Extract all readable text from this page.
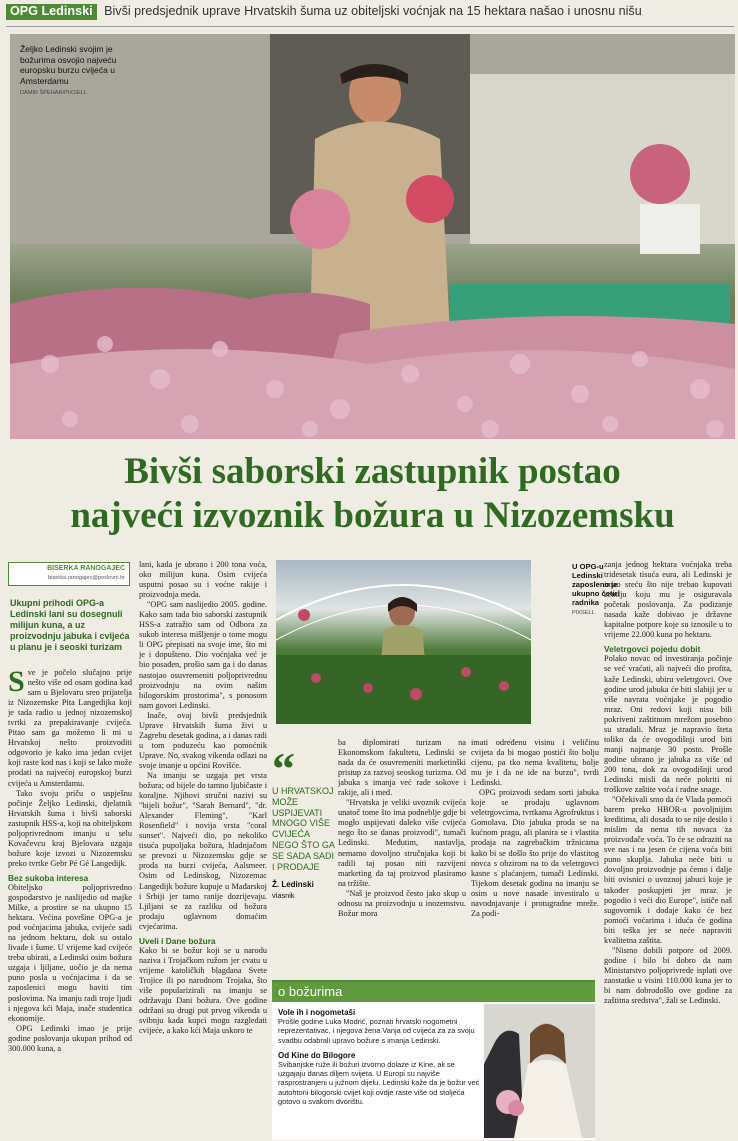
OPG Ledinski Bivši predsjednik uprave Hrvatskih šuma uz obiteljski voćnjak na 15 hektara našao i unosnu nišu
Željko Ledinski svojim je božurima osvojio najveću europsku burzu cvijeća u Amsterdamu
DAMIR ŠPEHAR/PIXSELL
Bivši saborski zastupnik postao
najveći izvoznik božura u Nizozemsku
BISERKA RANOGAJEC
biserka.ranogajec@poslovni.hr
Ukupni prihodi OPG-a Ledinski lani su dosegnuli milijun kuna, a uz proizvodnju jabuka i cvijeća u planu je i seoski turizam

Sve je počelo slučajno prije nešto više od osam godina kad sam u Bjelovaru sreo prijatelja iz Nizozemske Pita Langedijka koji je tada radio u jednoj nizozemskoj tvrtki za prepakiravanje cvijeća. Pitao sam ga možemo li mi u Hrvatskoj nešto proizvoditi odgovorio je kako ima jedan cvijet koji raste kod nas i koji se lako može prodati na najvećoj europskoj burzi cvijeća u Amsterdamu.

Tako svoju priču o uspješnu počinje Željko Ledinski, djelatnik Hrvatskih šuma i bivši saborski zastupnik HSS-a, koji na obiteljskom poljoprivrednom imanju u selu Kovačevcu kraj Bjelovara uzgaja božure koje izvozi u Nizozemsku preko tvrtke Gebr Pé Gé Langedijk.

Bez sukoba interesa

Obiteljsko poljoprivredno gospodarstvo je naslijedio od majke Milke, a prostire se na ukupno 15 hektara. Većina površine OPG-a je pod voćnjacima jabuka, cvijeće sadi na jednom hektaru, dok su ostalo livade i šume. U vrijeme kad cvijeće treba ubirati, a Ledinski osim božura uzgaja i ljiljane, uočio je da nema puno posla u voćnjacima i da se zaposlenici mogu baviti tim poslovima. Na imanju radi troje ljudi i njegova kći Maja, inače studentica ekonomije.

OPG Ledinski imao je prije godine poslovanja ukupan prihod od 300.000 kuna, a

lani, kada je ubrano i 200 tona voća, oko milijun kuna. Osim cvijeća usputni posao su i voćne rakije i proizvodnja meda.

"OPG sam naslijedio 2005. godine. Kako sam tada bio saborski zastupnik HSS-a zatražio sam od Odbora za sukob interesa mišljenje o tome mogu li OPG prepisati na svoje ime, što mi je i dopušteno. Dio voćnjaka već je bio posađen, prošio sam ga i do danas nastojao osuvremeniti poljoprivrednu proizvodnju na ovim našim bilogorskim prostorima", s ponosom nam govori Ledinski.

Inače, ovaj bivši predsjednik Uprave Hrvatskih šuma živi u Zagrebu desetak godina, a i danas radi u tom poduzeću kao pomoćnik Uprave. No, svakog vikenda odlazi na svoje imanje u općini Rovišće.

Na imanju se uzgaja pet vrsta božura; od bijele do tamno ljubičaste i koraljne. Njihovi stručni nazivi su "bijeli božur", "Sarah Bernard", "dr. Alexander Fleming", "Karl Rosenfield" i novija vrsta "coral sunset". Najveći dio, po nekoliko tisuća pupoljaka božura, hladnjačom se prevozi u Nizozemsku gdje se proda na burzi cvijeća, Aalsmeer. Osim od Ledinskog, Nizozemac Langedijk božure kupuje u Mađarskoj i Srbiji jer tamo ranije dozrijevaju. Ljiljani se za razliku od božura prodaju uglavnom domaćim cvjećarima.

Uveli i Dane božura

Kako bi se božur koji se u narodu naziva i Trojačkom ružom jer cvatu u vrijeme katoličkih blagdana Svete Trojice ili po narodnom Trojaka, što više popularizirali na imanju se održavaju Dani božura. Ove godine održani su drugi put prvog vikenda u svibnju kada kupci mogu razgledati cvijeće, a kako kći Maja uskoro te

U OPG-u Ledinski zaposleno je ukupno četiri radnika
PIXSELL
“
U HRVATSKOJ MOŽE USPIJEVATI MNOGO VIŠE CVIJEĆA NEGO ŠTO GA SE SADA SADI I PRODAJE
Ž. Ledinski
vlasnik

ba diplomirati turizam na Ekonomskom fakultetu, Ledinski se nada da će osuvremeniti marketinški pristup za razvoj seoskog turizma. Od jabuka s imanja već rade sokove i rakije, ali i med.

"Hrvatska je veliki uvoznik cvijeća unatoč tome što ima podneblje gdje bi mogło uspijevati daleko više cvijeća nego što se danas proizvodi", tumači Ledinski. Međutim, nastavlja, nemamo dovoljno stručnjaka koji bi radili taj posao niti razvijeni marketing da taj proizvod plasiramo na tržište.

"Naš je proizvod često jako skup u odnosu na proizvodnju u inozemstvu. Božur mora

imati određenu visinu i veličinu cvijeta da bi mogao postići što bolju cijenu, pa tko nema kvalitetu, bolje mu je i da ne ide na burzu", tvrdi Ledinski.

OPG proizvodi sedam sorti jabuka koje se prodaju uglavnom veletrgovcima, tvrtkama Agrofruktus i Gomolava. Dio jabuka proda se na kućnom pragu, ali planira se i vlastita prodaja na zagrebačkim tržnicama kako bi se došlo što prije do vlastitog novca s obzirom na to da veletrgovci kasne s plaćanjem, tumači Ledinski. Tijekom desetak godina na imanju se osim u nove nasade investiralo u navodnjavanje i protugradne mreže. Za podi-

zanja jednog hektara voćnjaka treba tridesetak tisuća eura, ali Ledinski je imao sreću što nije trebao kupovati zemlju koju mu je osiguravala početak poslovanja. Za podizanje nasada kaže dobivao je državne kapitalne potpore koje su iznosile u to vrijeme 22.000 kuna po hektaru.

Veletrgovci pojedu dobit

Polako novac od investiranja počinje se već vraćati, ali najveći dio profita, kaže Ledinski, ubiru veletrgovci. Ove godine urod jabuka će biti slabiji jer u više navrata voćnjake je pogodio mraz. Oni redovi koji nisu bili pokriveni zaštitnom mrežom posebno su stradali. Mraz je napravio šteta toliko da će ovogodišnji urod biti manji najmanje 30 posto. Prošle godine ubrano je jabuka za više od 200 tona, dok za ovogodišnji urod Ledinski misli da neće pokriti ni troškove zaštite voća i radne snage.

"Očekivali smo da će Vlada pomoći barem preko HBOR-a povoljnijim kreditima, ali dosada to se nije desilo i mislim da nema tih novaca za proizvođače voća. To će se odraziti na sve nas i na jesen će cijena voća biti puno skuplja. Jabuka neće biti u dovoljno proizvodnje pa ćemo i dalje biti ovisnici o uvoznoj jabuci koje je također poskupjeti jer mraz je pogodio i veći dio Europe", ističe naš sugovornik i dodaje kako će bez pomoći voćarima i iduća će godina biti teška jer se neće napraviti kvalitetna zaštita.

"Nismo dobili potpore od 2009. godine i bilo bi dobro da nam Ministarstvo poljoprivrede isplati ove zaostatke u visini 110.000 kuna jer to bi nam dobrodošlo ove godine za zaštitna sredstva", žali se Ledinski.

o božurima
Vole ih i nogometaši
Prošle godine Luka Modrić, poznati hrvatski nogometni reprezentativac, i njegova žena Vanja od cvijeća za za svoju svadbu odabrali upravo božure s imanja Ledinski.
Od Kine do Bilogore
Svibanjske ruže ili božuri izvorno dolaze iz Kine, ali se uzgajaju danas diljem svijeta. U Europi su najviše rasprostranjeni u južnom dijelu. Ledinski kaže da je božur već autohtoni bilogorski cvijet koji ovdje raste više od stoljeća gotovo u svakom dvorištu.
